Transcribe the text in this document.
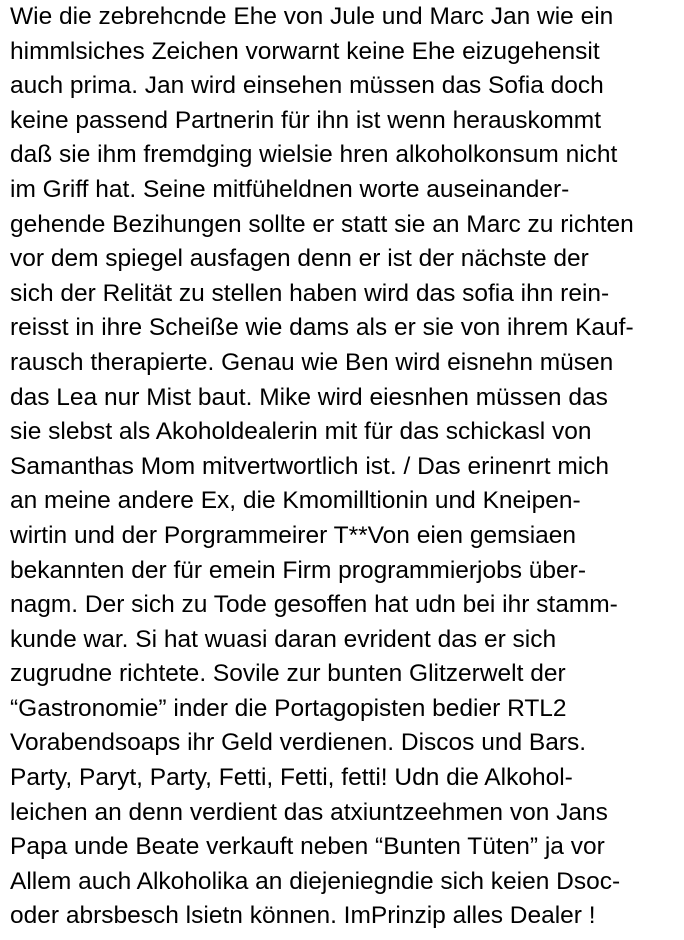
Wie die zebrehcnde Ehe von Jule und Marc Jan wie ein
himmlsiches Zeichen vorwarnt keine Ehe eizugehensit
auch prima. Jan wird einsehen müssen das Sofia doch
keine passend Partnerin für ihn ist wenn herauskommt
daß sie ihm fremdging wielsie hren alkoholkonsum nicht
im Griff hat. Seine mitfüheldnen worte auseinander-
gehende Bezihungen sollte er statt sie an Marc zu richten
vor dem spiegel ausfagen denn er ist der nächste der
sich der Relität zu stellen haben wird das sofia ihn rein-
reisst in ihre Scheiße wie dams als er sie von ihrem Kauf-
rausch therapierte. Genau wie Ben wird eisnehn müsen
das Lea nur Mist baut. Mike wird eiesnhen müssen das
sie slebst als Akoholdealerin mit für das schickasl von
Samanthas Mom mitvertwortlich ist. / Das erinenrt mich
an meine andere Ex, die Kmomilltionin und Kneipen-
wirtin und der Porgrammeirer T**Von eien gemsiaen
bekannten der für emein Firm programmierjobs über-
nagm. Der sich zu Tode gesoffen hat udn bei ihr stamm-
kunde war. Si hat wuasi daran evrident das er sich
zugrudne richtete. Sovile zur bunten Glitzerwelt der
“Gastronomie” inder die Portagopisten bedier RTL2
Vorabendsoaps ihr Geld verdienen. Discos und Bars.
Party, Paryt, Party, Fetti, Fetti, fetti! Udn die Alkohol-
leichen an denn verdient das atxiuntzeehmen von Jans
Papa unde Beate verkauft neben “Bunten Tüten” ja vor
Allem auch Alkoholika an diejeniegndie sich keien Dsoc-
oder abrsbesch lsietn können. ImPrinzip alles Dealer !
